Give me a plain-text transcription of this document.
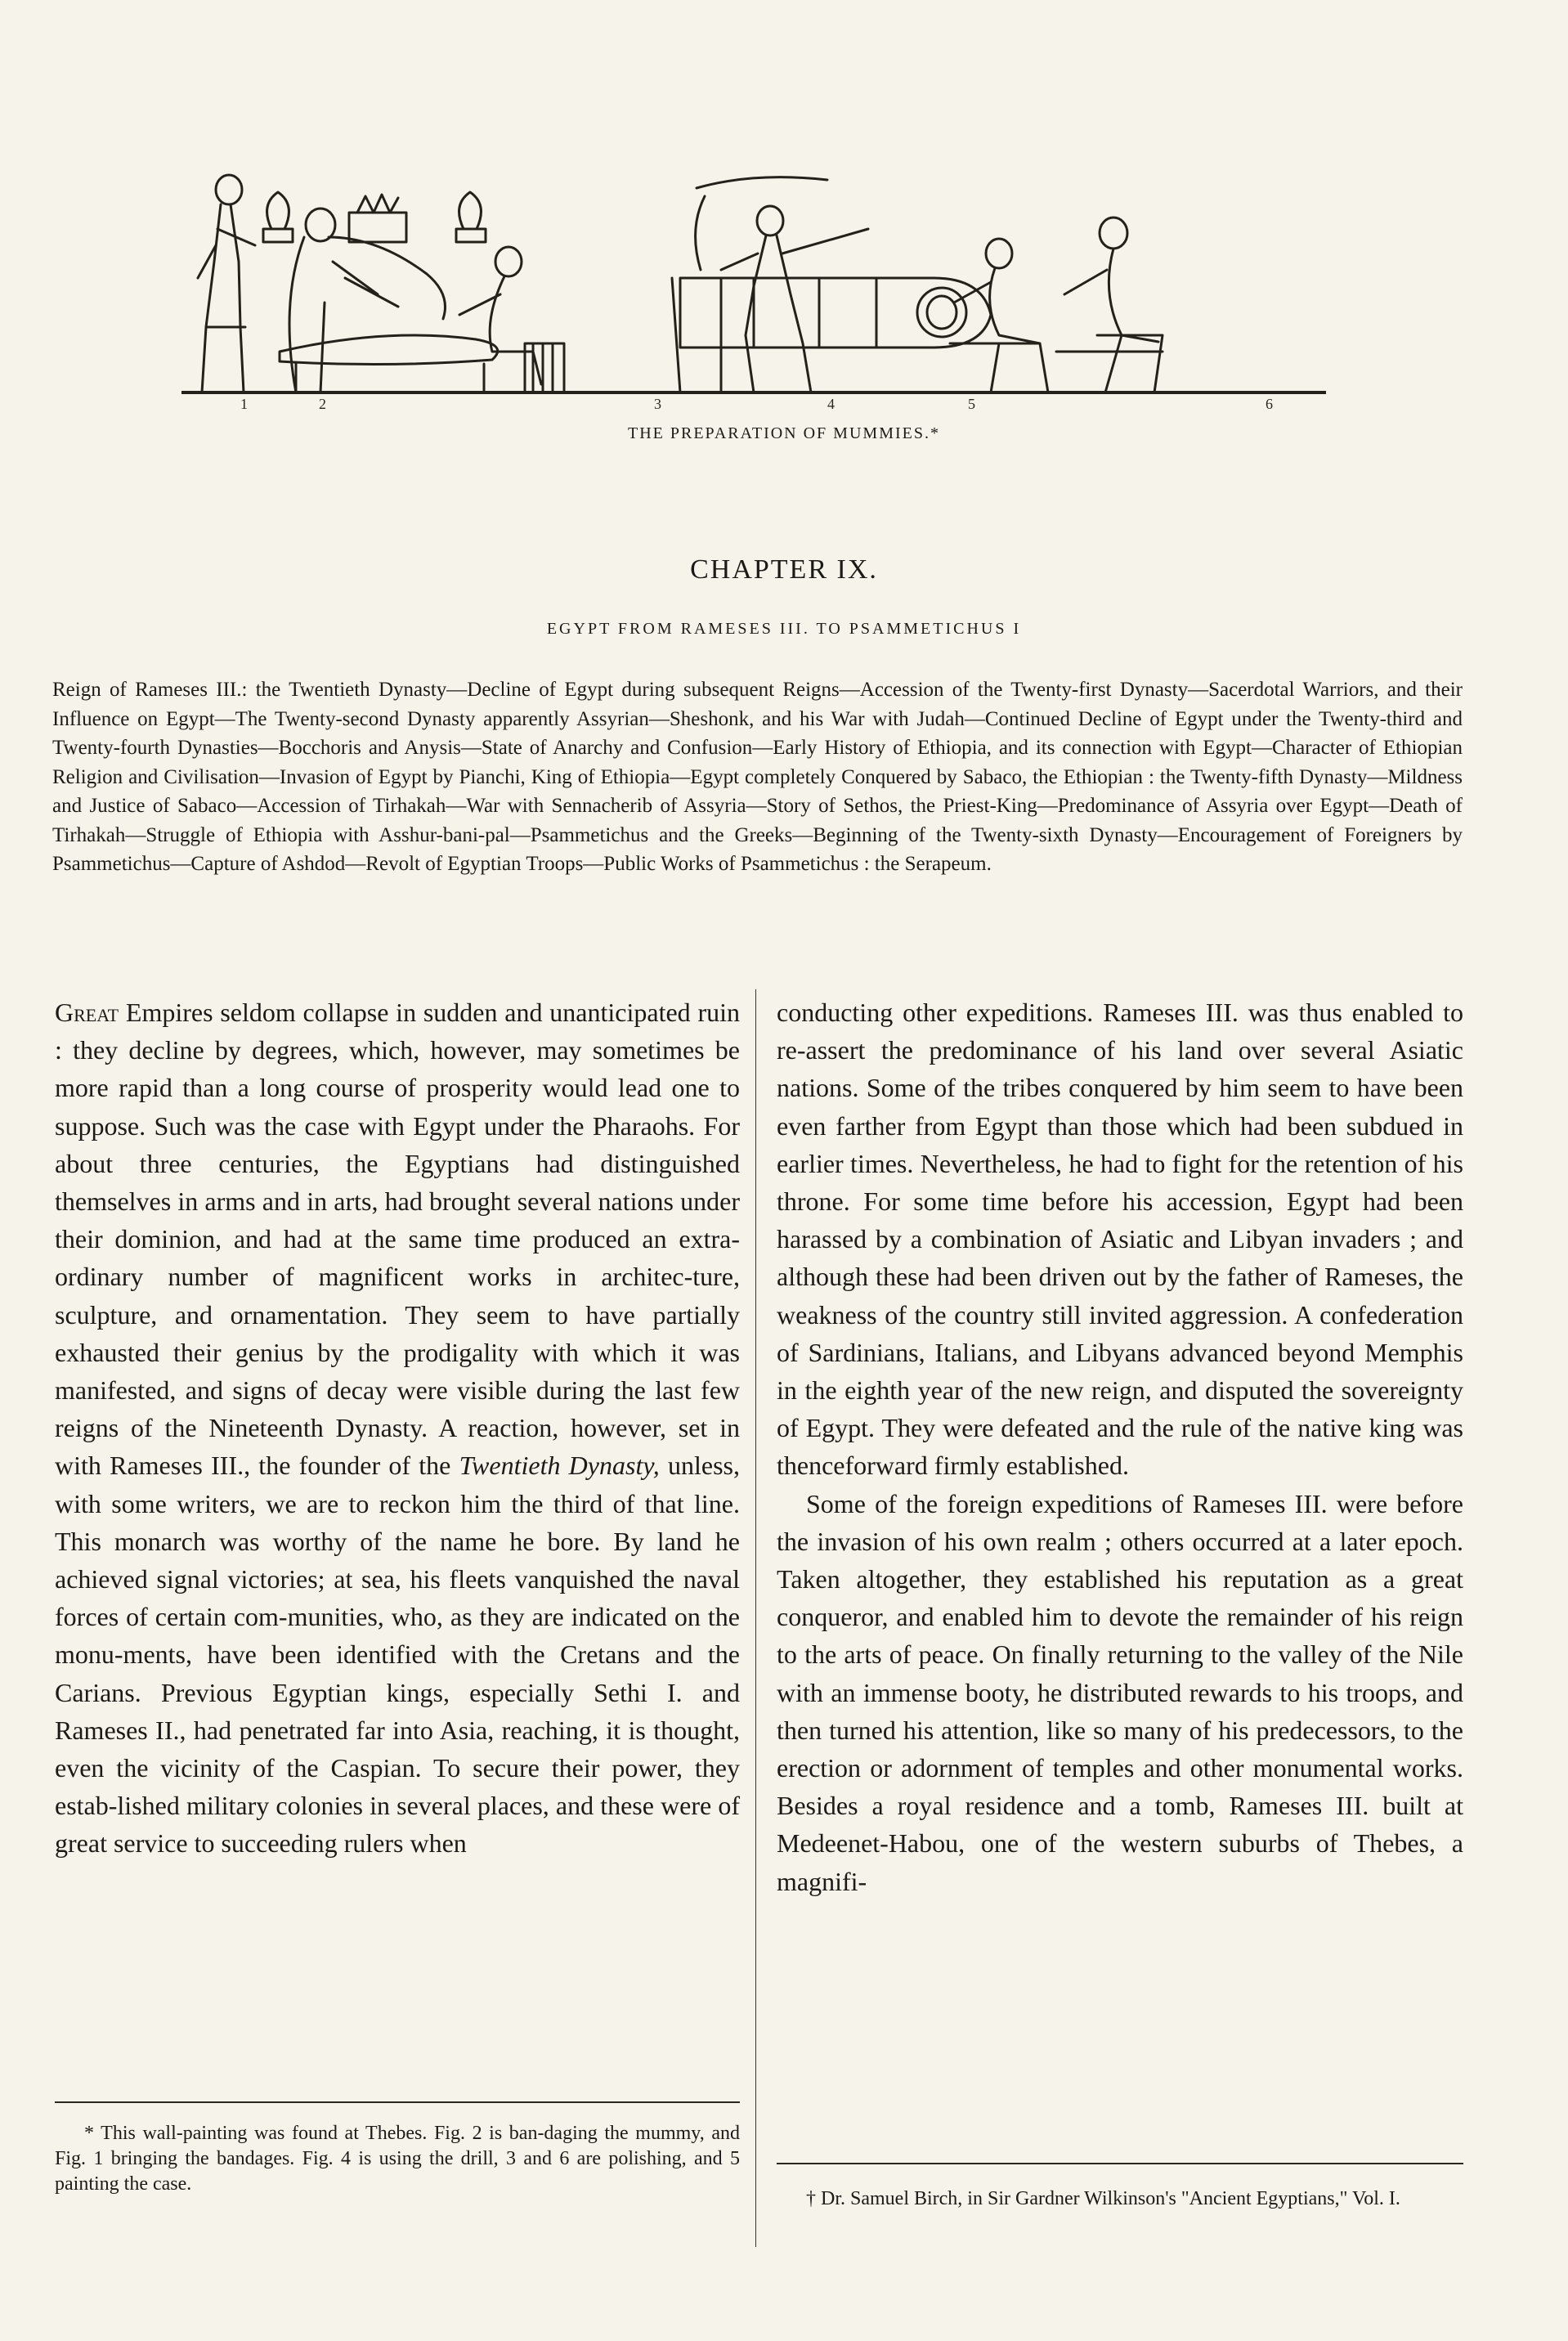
1	2	3	4	5	6
THE PREPARATION OF MUMMIES.*
CHAPTER IX.
EGYPT FROM RAMESES III. TO PSAMMETICHUS I
Reign of Rameses III.: the Twentieth Dynasty—Decline of Egypt during subsequent Reigns—Accession of the Twenty-first Dynasty—Sacerdotal Warriors, and their Influence on Egypt—The Twenty-second Dynasty apparently Assyrian—Sheshonk, and his War with Judah—Continued Decline of Egypt under the Twenty-third and Twenty-fourth Dynasties—Bocchoris and Anysis—State of Anarchy and Confusion—Early History of Ethiopia, and its connection with Egypt—Character of Ethiopian Religion and Civilisation—Invasion of Egypt by Pianchi, King of Ethiopia—Egypt completely Conquered by Sabaco, the Ethiopian : the Twenty-fifth Dynasty—Mildness and Justice of Sabaco—Accession of Tirhakah—War with Sennacherib of Assyria—Story of Sethos, the Priest-King—Predominance of Assyria over Egypt—Death of Tirhakah—Struggle of Ethiopia with Asshur-bani-pal—Psammetichus and the Greeks—Beginning of the Twenty-sixth Dynasty—Encouragement of Foreigners by Psammetichus—Capture of Ashdod—Revolt of Egyptian Troops—Public Works of Psammetichus : the Serapeum.

Great Empires seldom collapse in sudden and unanticipated ruin : they decline by degrees, which, however, may sometimes be more rapid than a long course of prosperity would lead one to suppose. Such was the case with Egypt under the Pharaohs. For about three centuries, the Egyptians had distinguished themselves in arms and in arts, had brought several nations under their dominion, and had at the same time produced an extra-ordinary number of magnificent works in architec-ture, sculpture, and ornamentation. They seem to have partially exhausted their genius by the prodigality with which it was manifested, and signs of decay were visible during the last few reigns of the Nineteenth Dynasty. A reaction, however, set in with Rameses III., the founder of the Twentieth Dynasty, unless, with some writers, we are to reckon him the third of that line. This monarch was worthy of the name he bore. By land he achieved signal victories; at sea, his fleets vanquished the naval forces of certain com-munities, who, as they are indicated on the monu-ments, have been identified with the Cretans and the Carians. Previous Egyptian kings, especially Sethi I. and Rameses II., had penetrated far into Asia, reaching, it is thought, even the vicinity of the Caspian. To secure their power, they estab-lished military colonies in several places, and these were of great service to succeeding rulers when

conducting other expeditions. Rameses III. was thus enabled to re-assert the predominance of his land over several Asiatic nations. Some of the tribes conquered by him seem to have been even farther from Egypt than those which had been subdued in earlier times. Nevertheless, he had to fight for the retention of his throne. For some time before his accession, Egypt had been harassed by a combination of Asiatic and Libyan invaders ; and although these had been driven out by the father of Rameses, the weakness of the country still invited aggression. A confederation of Sardinians, Italians, and Libyans advanced beyond Memphis in the eighth year of the new reign, and disputed the sovereignty of Egypt. They were defeated and the rule of the native king was thenceforward firmly established.

Some of the foreign expeditions of Rameses III. were before the invasion of his own realm ; others occurred at a later epoch. Taken altogether, they established his reputation as a great conqueror, and enabled him to devote the remainder of his reign to the arts of peace. On finally returning to the valley of the Nile with an immense booty, he distributed rewards to his troops, and then turned his attention, like so many of his predecessors, to the erection or adornment of temples and other monumental works. Besides a royal residence and a tomb, Rameses III. built at Medeenet-Habou, one of the western suburbs of Thebes, a magnifi-

* This wall-painting was found at Thebes. Fig. 2 is ban-daging the mummy, and Fig. 1 bringing the bandages. Fig. 4 is using the drill, 3 and 6 are polishing, and 5 painting the case.
† Dr. Samuel Birch, in Sir Gardner Wilkinson's "Ancient Egyptians," Vol. I.
